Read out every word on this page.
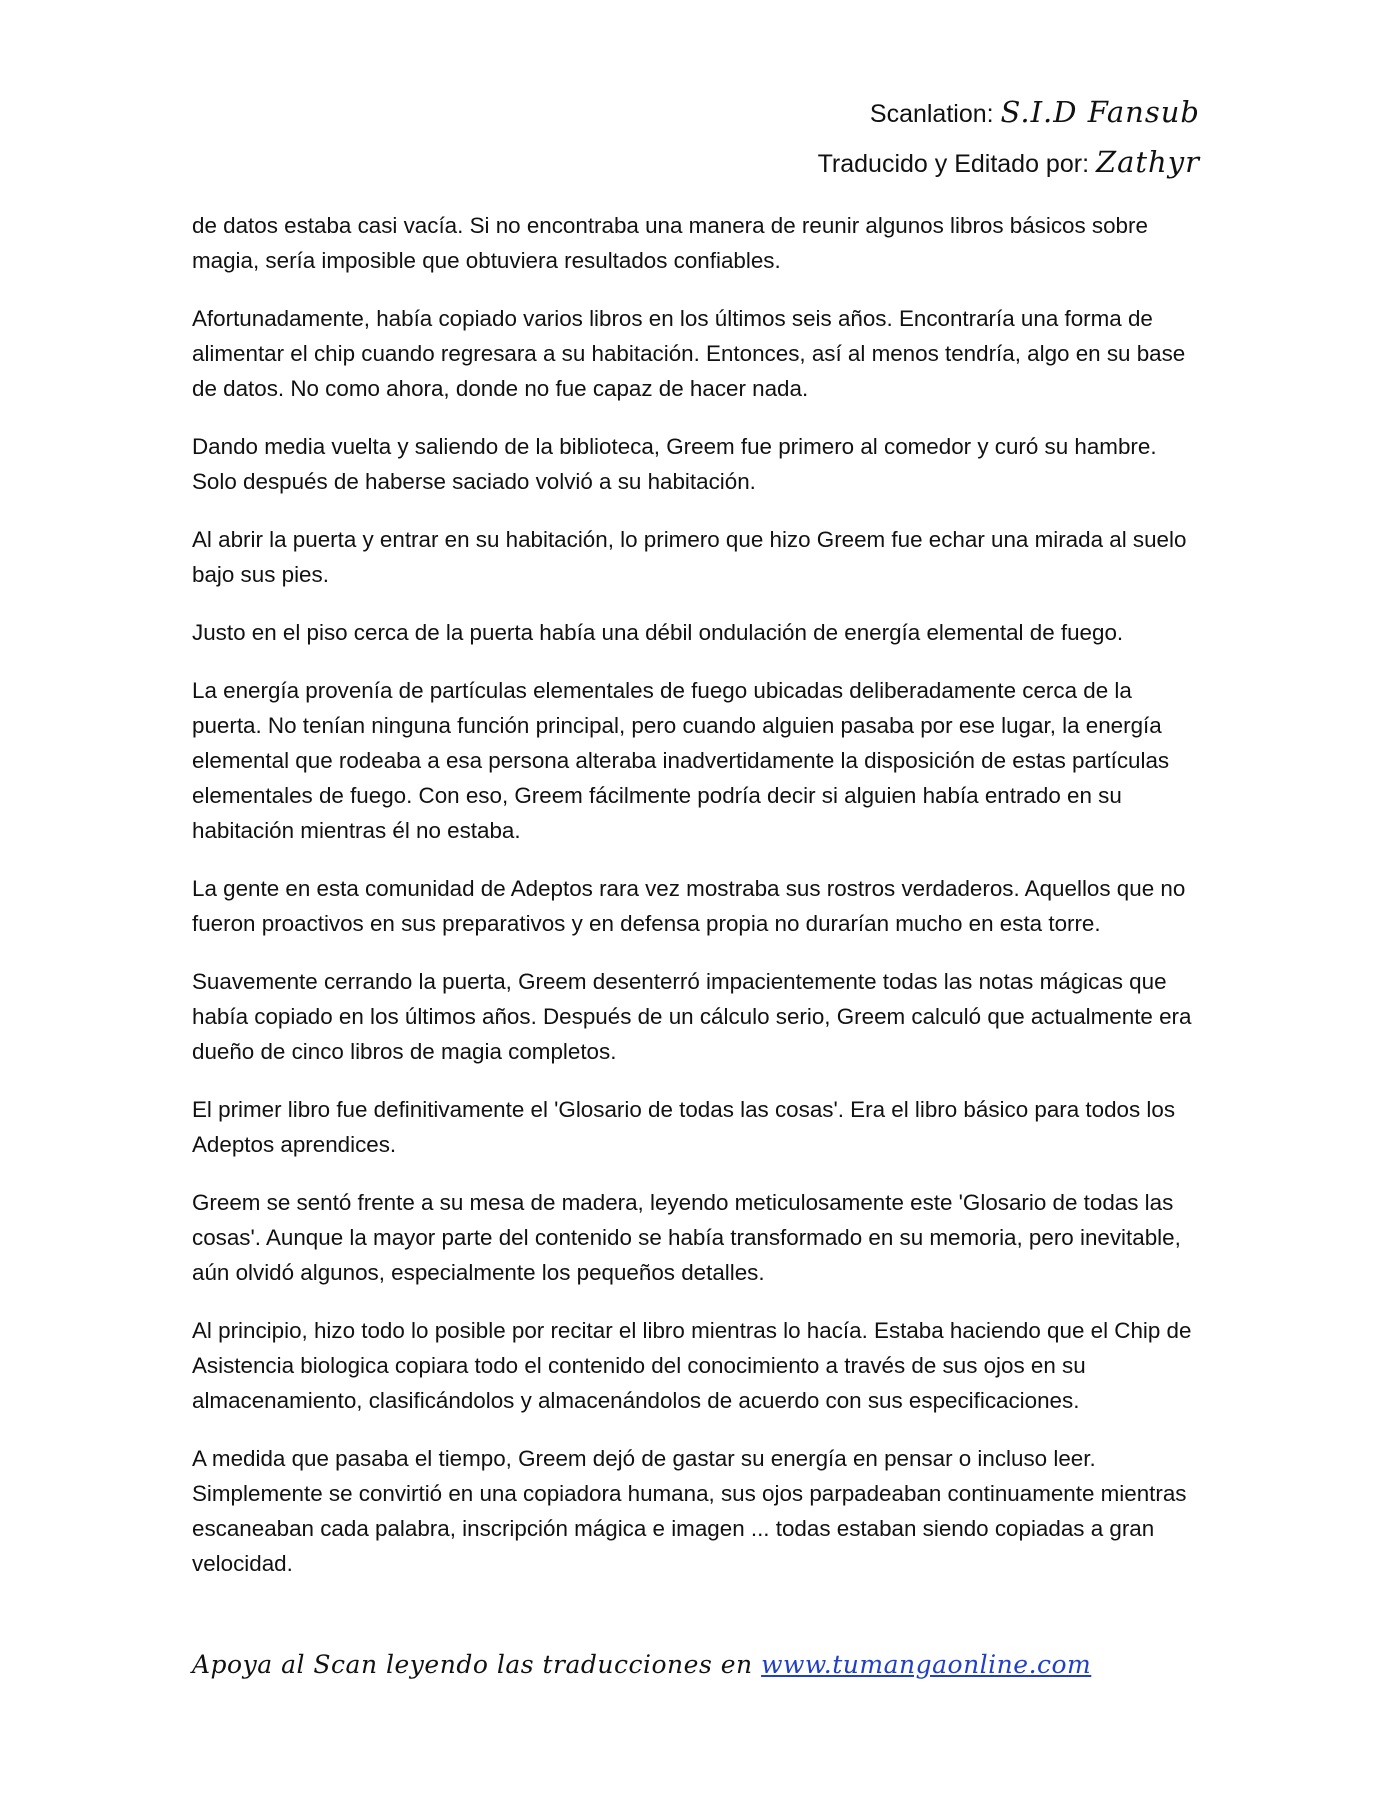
Scanlation: S.I.D Fansub
Traducido y Editado por: Zathyr

de datos estaba casi vacía. Si no encontraba una manera de reunir algunos libros básicos sobre magia, sería imposible que obtuviera resultados confiables.

Afortunadamente, había copiado varios libros en los últimos seis años. Encontraría una forma de alimentar el chip cuando regresara a su habitación. Entonces, así al menos tendría, algo en su base de datos. No como ahora, donde no fue capaz de hacer nada.

Dando media vuelta y saliendo de la biblioteca, Greem fue primero al comedor y curó su hambre. Solo después de haberse saciado volvió a su habitación.

Al abrir la puerta y entrar en su habitación, lo primero que hizo Greem fue echar una mirada al suelo bajo sus pies.

Justo en el piso cerca de la puerta había una débil ondulación de energía elemental de fuego.

La energía provenía de partículas elementales de fuego ubicadas deliberadamente cerca de la puerta. No tenían ninguna función principal, pero cuando alguien pasaba por ese lugar, la energía elemental que rodeaba a esa persona alteraba inadvertidamente la disposición de estas partículas elementales de fuego. Con eso, Greem fácilmente podría decir si alguien había entrado en su habitación mientras él no estaba.

La gente en esta comunidad de Adeptos rara vez mostraba sus rostros verdaderos. Aquellos que no fueron proactivos en sus preparativos y en defensa propia no durarían mucho en esta torre.

Suavemente cerrando la puerta, Greem desenterró impacientemente todas las notas mágicas que había copiado en los últimos años. Después de un cálculo serio, Greem calculó que actualmente era dueño de cinco libros de magia completos.

El primer libro fue definitivamente el 'Glosario de todas las cosas'. Era el libro básico para todos los Adeptos aprendices.

Greem se sentó frente a su mesa de madera, leyendo meticulosamente este 'Glosario de todas las cosas'. Aunque la mayor parte del contenido se había transformado en su memoria, pero inevitable, aún olvidó algunos, especialmente los pequeños detalles.

Al principio, hizo todo lo posible por recitar el libro mientras lo hacía. Estaba haciendo que el Chip de Asistencia biologica copiara todo el contenido del conocimiento a través de sus ojos en su almacenamiento, clasificándolos y almacenándolos de acuerdo con sus especificaciones.

A medida que pasaba el tiempo, Greem dejó de gastar su energía en pensar o incluso leer. Simplemente se convirtió en una copiadora humana, sus ojos parpadeaban continuamente mientras escaneaban cada palabra, inscripción mágica e imagen ... todas estaban siendo copiadas a gran velocidad.

Apoya al Scan leyendo las traducciones en www.tumangaonline.com
